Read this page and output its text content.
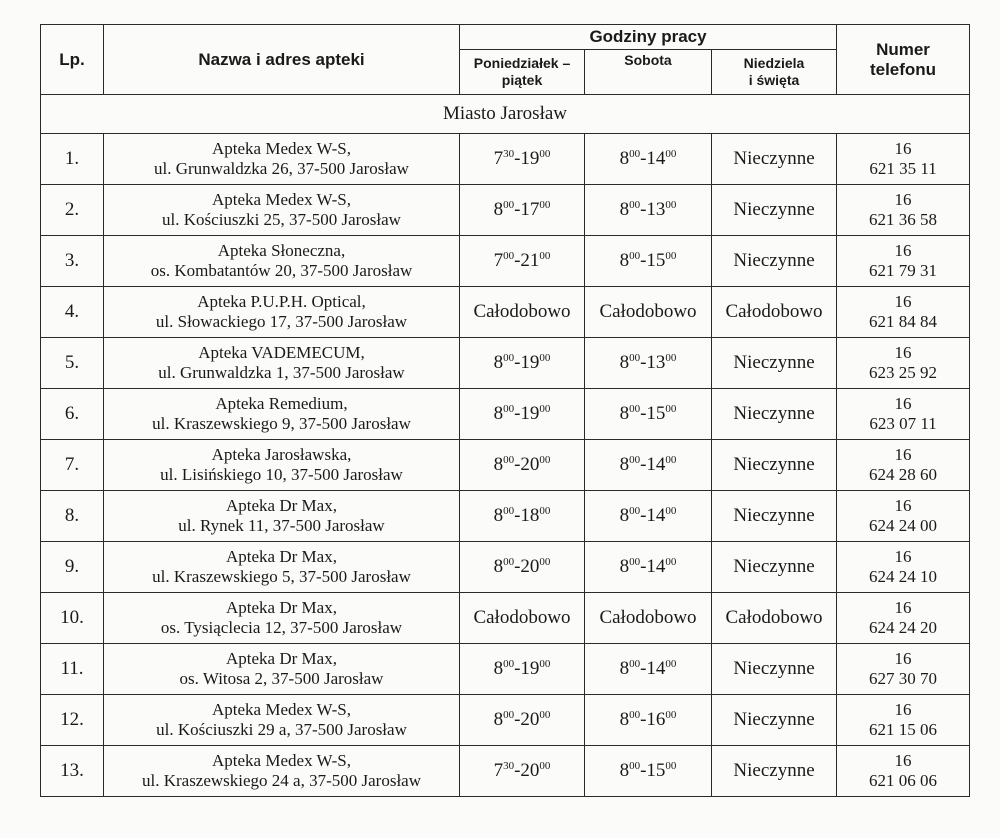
Lp.	Nazwa i adres apteki	Godziny pracy			Numer
telefonu
		Poniedziałek –
piątek	Sobota	Niedziela
i święta	
Miasto Jarosław					
1.	Apteka Medex W-S,
ul. Grunwaldzka 26, 37-500 Jarosław	$7^{30}-19^{00}$	$8^{00}-14^{00}$	Nieczynne	16
621 35 11
2.	Apteka Medex W-S,
ul. Kościuszki 25, 37-500 Jarosław	$8^{00}-17^{00}$	$8^{00}-13^{00}$	Nieczynne	16
621 36 58
3.	Apteka Słoneczna,
os. Kombatantów 20, 37-500 Jarosław	$7^{00}-21^{00}$	$8^{00}-15^{00}$	Nieczynne	16
621 79 31
4.	Apteka P.U.P.H. Optical,
ul. Słowackiego 17, 37-500 Jarosław	Całodobowo	Całodobowo	Całodobowo	16
621 84 84
5.	Apteka VADEMECUM,
ul. Grunwaldzka 1, 37-500 Jarosław	$8^{00}-19^{00}$	$8^{00}-13^{00}$	Nieczynne	16
623 25 92
6.	Apteka Remedium,
ul. Kraszewskiego 9, 37-500 Jarosław	$8^{00}-19^{00}$	$8^{00}-15^{00}$	Nieczynne	16
623 07 11
7.	Apteka Jarosławska,
ul. Lisińskiego 10, 37-500 Jarosław	$8^{00}-20^{00}$	$8^{00}-14^{00}$	Nieczynne	16
624 28 60
8.	Apteka Dr Max,
ul. Rynek 11, 37-500 Jarosław	$8^{00}-18^{00}$	$8^{00}-14^{00}$	Nieczynne	16
624 24 00
9.	Apteka Dr Max,
ul. Kraszewskiego 5, 37-500 Jarosław	$8^{00}-20^{00}$	$8^{00}-14^{00}$	Nieczynne	16
624 24 10
10.	Apteka Dr Max,
os. Tysiąclecia 12, 37-500 Jarosław	Całodobowo	Całodobowo	Całodobowo	16
624 24 20
11.	Apteka Dr Max,
os. Witosa 2, 37-500 Jarosław	$8^{00}-19^{00}$	$8^{00}-14^{00}$	Nieczynne	16
627 30 70
12.	Apteka Medex W-S,
ul. Kościuszki 29 a, 37-500 Jarosław	$8^{00}-20^{00}$	$8^{00}-16^{00}$	Nieczynne	16
621 15 06
13.	Apteka Medex W-S,
ul. Kraszewskiego 24 a, 37-500 Jarosław	$7^{30}-20^{00}$	$8^{00}-15^{00}$	Nieczynne	16
621 06 06
